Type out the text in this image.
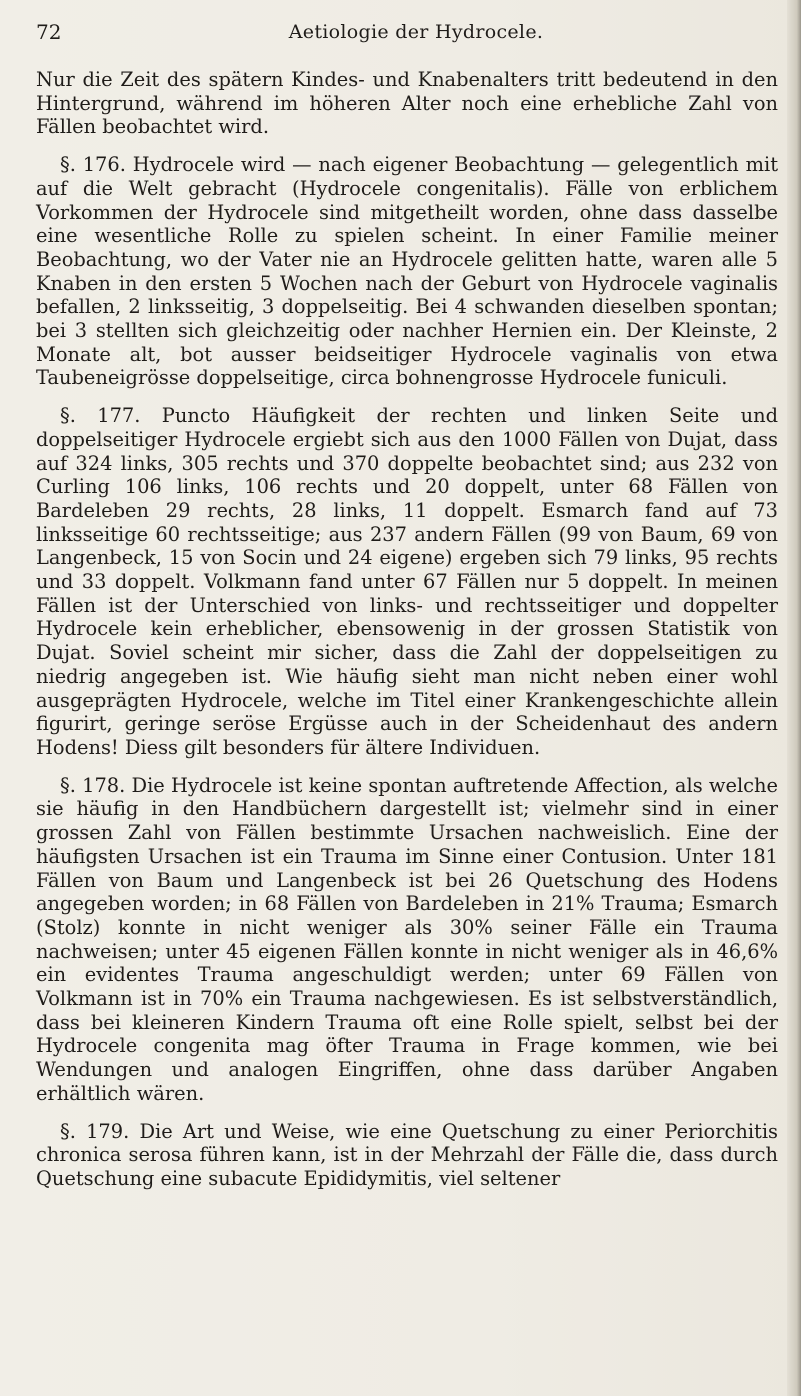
72	Aetiologie der Hydrocele.

Nur die Zeit des spätern Kindes- und Knabenalters tritt bedeutend in den Hintergrund, während im höheren Alter noch eine erhebliche Zahl von Fällen beobachtet wird.

§. 176. Hydrocele wird — nach eigener Beobachtung — gelegentlich mit auf die Welt gebracht (Hydrocele congenitalis). Fälle von erblichem Vorkommen der Hydrocele sind mitgetheilt worden, ohne dass dasselbe eine wesentliche Rolle zu spielen scheint. In einer Familie meiner Beobachtung, wo der Vater nie an Hydrocele gelitten hatte, waren alle 5 Knaben in den ersten 5 Wochen nach der Geburt von Hydrocele vaginalis befallen, 2 linksseitig, 3 doppelseitig. Bei 4 schwanden dieselben spontan; bei 3 stellten sich gleichzeitig oder nachher Hernien ein. Der Kleinste, 2 Monate alt, bot ausser beidseitiger Hydrocele vaginalis von etwa Taubeneigrösse doppelseitige, circa bohnengrosse Hydrocele funiculi.

§. 177. Puncto Häufigkeit der rechten und linken Seite und doppelseitiger Hydrocele ergiebt sich aus den 1000 Fällen von Dujat, dass auf 324 links, 305 rechts und 370 doppelte beobachtet sind; aus 232 von Curling 106 links, 106 rechts und 20 doppelt, unter 68 Fällen von Bardeleben 29 rechts, 28 links, 11 doppelt. Esmarch fand auf 73 linksseitige 60 rechtsseitige; aus 237 andern Fällen (99 von Baum, 69 von Langenbeck, 15 von Socin und 24 eigene) ergeben sich 79 links, 95 rechts und 33 doppelt. Volkmann fand unter 67 Fällen nur 5 doppelt. In meinen Fällen ist der Unterschied von links- und rechtsseitiger und doppelter Hydrocele kein erheblicher, ebensowenig in der grossen Statistik von Dujat. Soviel scheint mir sicher, dass die Zahl der doppelseitigen zu niedrig angegeben ist. Wie häufig sieht man nicht neben einer wohl ausgeprägten Hydrocele, welche im Titel einer Krankengeschichte allein figurirt, geringe seröse Ergüsse auch in der Scheidenhaut des andern Hodens! Diess gilt besonders für ältere Individuen.

§. 178. Die Hydrocele ist keine spontan auftretende Affection, als welche sie häufig in den Handbüchern dargestellt ist; vielmehr sind in einer grossen Zahl von Fällen bestimmte Ursachen nachweislich. Eine der häufigsten Ursachen ist ein Trauma im Sinne einer Contusion. Unter 181 Fällen von Baum und Langenbeck ist bei 26 Quetschung des Hodens angegeben worden; in 68 Fällen von Bardeleben in 21% Trauma; Esmarch (Stolz) konnte in nicht weniger als 30% seiner Fälle ein Trauma nachweisen; unter 45 eigenen Fällen konnte in nicht weniger als in 46,6% ein evidentes Trauma angeschuldigt werden; unter 69 Fällen von Volkmann ist in 70% ein Trauma nachgewiesen. Es ist selbstverständlich, dass bei kleineren Kindern Trauma oft eine Rolle spielt, selbst bei der Hydrocele congenita mag öfter Trauma in Frage kommen, wie bei Wendungen und analogen Eingriffen, ohne dass darüber Angaben erhältlich wären.

§. 179. Die Art und Weise, wie eine Quetschung zu einer Periorchitis chronica serosa führen kann, ist in der Mehrzahl der Fälle die, dass durch Quetschung eine subacute Epididymitis, viel seltener
